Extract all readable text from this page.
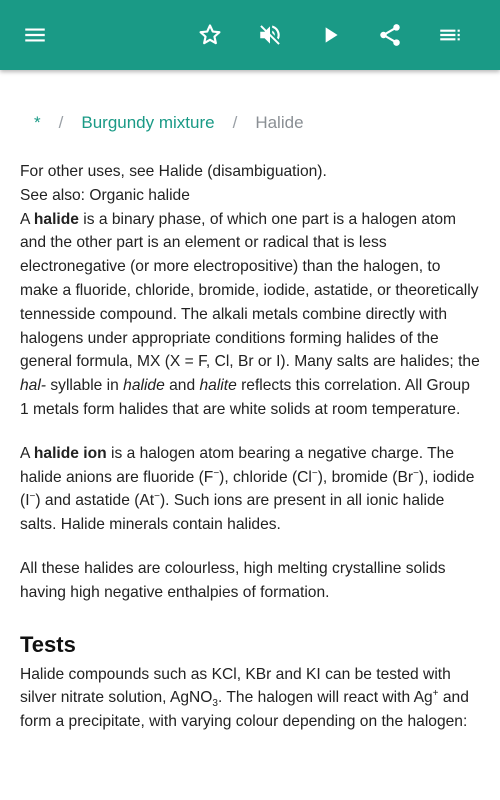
* / Burgundy mixture / Halide

For other uses, see Halide (disambiguation).

See also: Organic halide

A halide is a binary phase, of which one part is a halogen atom and the other part is an element or radical that is less electronegative (or more electropositive) than the halogen, to make a fluoride, chloride, bromide, iodide, astatide, or theoretically tennesside compound. The alkali metals combine directly with halogens under appropriate conditions forming halides of the general formula, MX (X = F, Cl, Br or I). Many salts are halides; the hal- syllable in halide and halite reflects this correlation. All Group 1 metals form halides that are white solids at room temperature.

A halide ion is a halogen atom bearing a negative charge. The halide anions are fluoride (F−), chloride (Cl−), bromide (Br−), iodide (I−) and astatide (At−). Such ions are present in all ionic halide salts. Halide minerals contain halides.

All these halides are colourless, high melting crystalline solids having high negative enthalpies of formation.

Tests

Halide compounds such as KCl, KBr and KI can be tested with silver nitrate solution, AgNO$_3$. The halogen will react with Ag+ and form a precipitate, with varying colour depending on the halogen:
